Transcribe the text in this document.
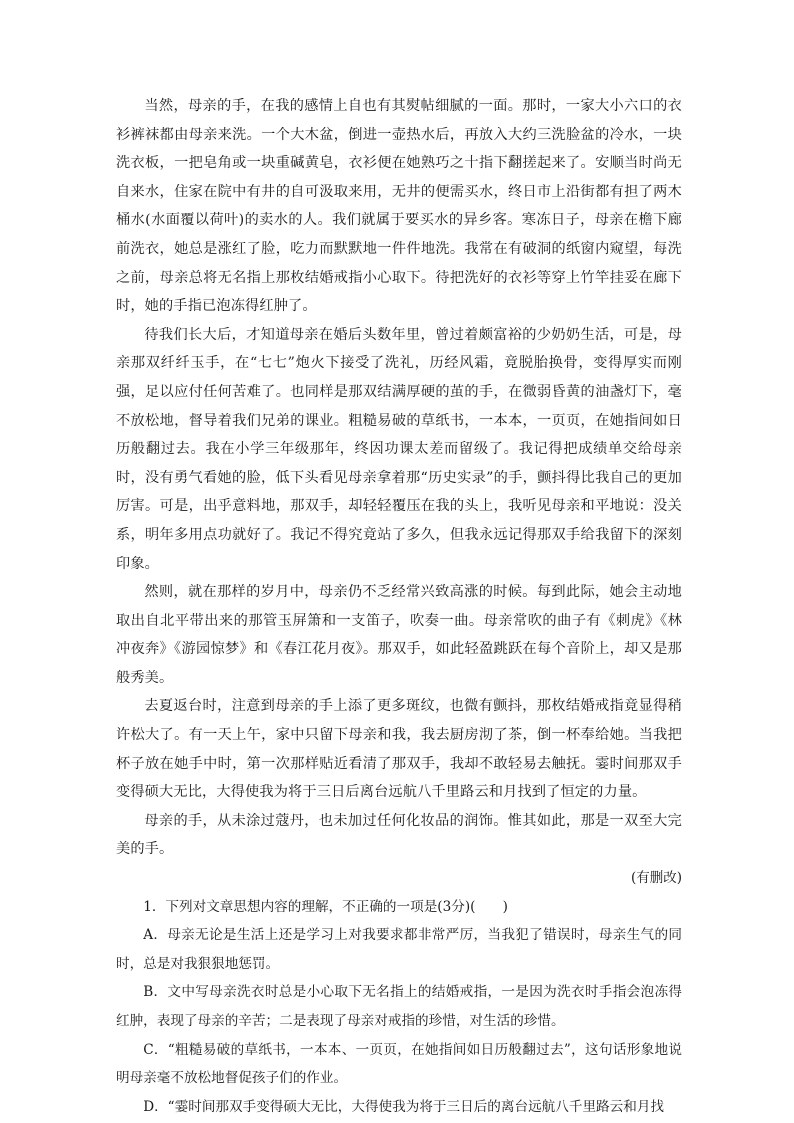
当然，母亲的手，在我的感情上自也有其熨帖细腻的一面。那时，一家大小六口的衣衫裤袜都由母亲来洗。一个大木盆，倒进一壶热水后，再放入大约三洗脸盆的冷水，一块洗衣板，一把皂角或一块重碱黄皂，衣衫便在她熟巧之十指下翻搓起来了。安顺当时尚无自来水，住家在院中有井的自可汲取来用，无井的便需买水，终日市上沿街都有担了两木桶水(水面覆以荷叶)的卖水的人。我们就属于要买水的异乡客。寒冻日子，母亲在檐下廊前洗衣，她总是涨红了脸，吃力而默默地一件件地洗。我常在有破洞的纸窗内窥望，每洗之前，母亲总将无名指上那枚结婚戒指小心取下。待把洗好的衣衫等穿上竹竿挂妥在廊下时，她的手指已泡冻得红肿了。

待我们长大后，才知道母亲在婚后头数年里，曾过着颇富裕的少奶奶生活，可是，母亲那双纤纤玉手，在“七七”炮火下接受了洗礼，历经风霜，竟脱胎换骨，变得厚实而刚强，足以应付任何苦难了。也同样是那双结满厚硬的茧的手，在微弱昏黄的油盏灯下，毫不放松地，督导着我们兄弟的课业。粗糙易破的草纸书，一本本，一页页，在她指间如日历般翻过去。我在小学三年级那年，终因功课太差而留级了。我记得把成绩单交给母亲时，没有勇气看她的脸，低下头看见母亲拿着那“历史实录”的手，颤抖得比我自己的更加厉害。可是，出乎意料地，那双手，却轻轻覆压在我的头上，我听见母亲和平地说：没关系，明年多用点功就好了。我记不得究竟站了多久，但我永远记得那双手给我留下的深刻印象。

然则，就在那样的岁月中，母亲仍不乏经常兴致高涨的时候。每到此际，她会主动地取出自北平带出来的那管玉屏箫和一支笛子，吹奏一曲。母亲常吹的曲子有《刺虎》《林冲夜奔》《游园惊梦》和《春江花月夜》。那双手，如此轻盈跳跃在每个音阶上，却又是那般秀美。

去夏返台时，注意到母亲的手上添了更多斑纹，也微有颤抖，那枚结婚戒指竟显得稍许松大了。有一天上午，家中只留下母亲和我，我去厨房沏了茶，倒一杯奉给她。当我把杯子放在她手中时，第一次那样贴近看清了那双手，我却不敢轻易去触抚。霎时间那双手变得硕大无比，大得使我为将于三日后离台远航八千里路云和月找到了恒定的力量。

母亲的手，从未涂过蔻丹，也未加过任何化妆品的润饰。惟其如此，那是一双至大完美的手。

(有删改)

1．下列对文章思想内容的理解，不正确的一项是(3分)(　　)

A．母亲无论是生活上还是学习上对我要求都非常严厉，当我犯了错误时，母亲生气的同时，总是对我狠狠地惩罚。

B．文中写母亲洗衣时总是小心取下无名指上的结婚戒指，一是因为洗衣时手指会泡冻得红肿，表现了母亲的辛苦；二是表现了母亲对戒指的珍惜，对生活的珍惜。

C．“粗糙易破的草纸书，一本本、一页页，在她指间如日历般翻过去”，这句话形象地说明母亲毫不放松地督促孩子们的作业。

D．“霎时间那双手变得硕大无比，大得使我为将于三日后的离台远航八千里路云和月找
